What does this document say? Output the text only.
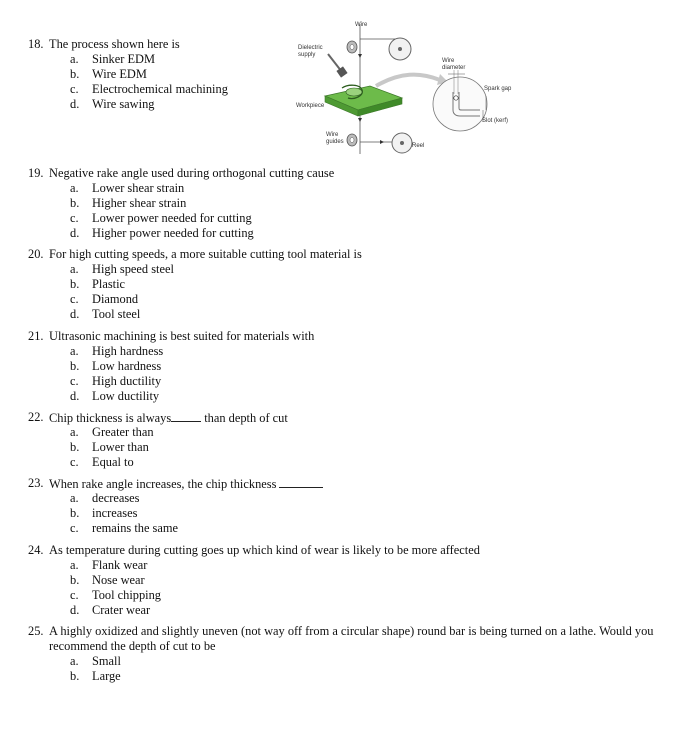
Wire
Dielectric
supply
Workpiece
Wire
guides
Reel
Wire
diameter
Spark gap
Slot (kerf)
18. The process shown here is
a. Sinker EDM
b. Wire EDM
c. Electrochemical machining
d. Wire sawing
19. Negative rake angle used during orthogonal cutting cause
a. Lower shear strain
b. Higher shear strain
c. Lower power needed for cutting
d. Higher power needed for cutting
20. For high cutting speeds, a more suitable cutting tool material is
a. High speed steel
b. Plastic
c. Diamond
d. Tool steel
21. Ultrasonic machining is best suited for materials with
a. High hardness
b. Low hardness
c. High ductility
d. Low ductility
22. Chip thickness is always	than depth of cut
a. Greater than
b. Lower than
c. Equal to
23. When rake angle increases, the chip thickness
a. decreases
b. increases
c. remains the same
24. As temperature during cutting goes up which kind of wear is likely to be more affected
a. Flank wear
b. Nose wear
c. Tool chipping
d. Crater wear
25. A highly oxidized and slightly uneven (not way off from a circular shape) round bar is being turned on a lathe. Would you recommend the depth of cut to be
a. Small
b. Large
